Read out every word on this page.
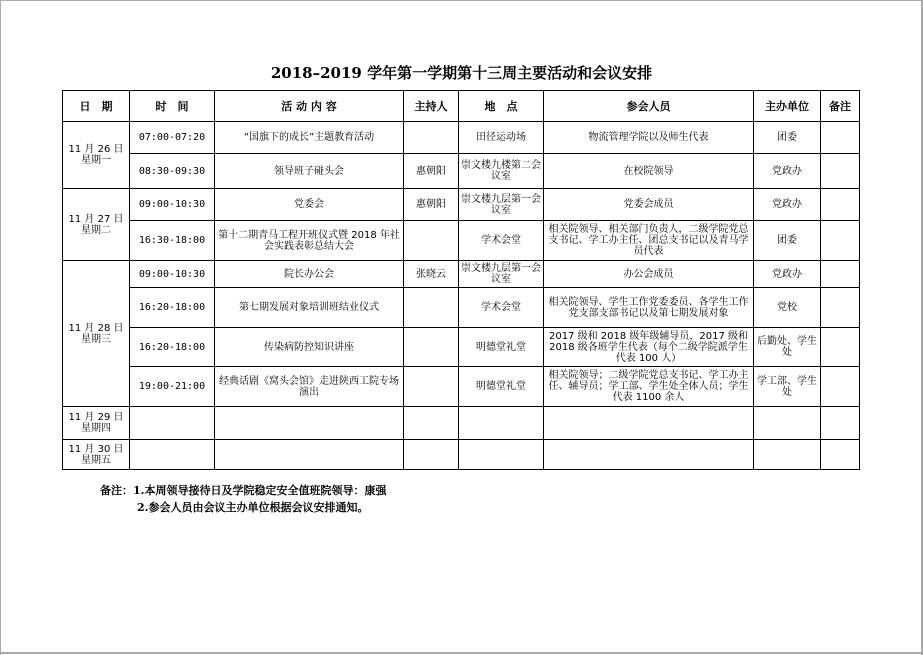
2018–2019 学年第一学期第十三周主要活动和会议安排
日　期	时　间	活 动 内 容	主持人	地　点	参会人员	主办单位	备注

11 月 26 日
星期一	07:00-07:20	“国旗下的成长”主题教育活动		田径运动场	物流管理学院以及师生代表	团委	
	08:30-09:30	领导班子碰头会	惠朝阳	崇文楼九楼第二会议室	在校院领导	党政办	

11 月 27 日
星期二	09:00-10:30	党委会	惠朝阳	崇文楼九层第一会议室	党委会成员	党政办	
	16:30-18:00	第十二期青马工程开班仪式暨 2018 年社会实践表彰总结大会		学术会堂	相关院领导、相关部门负责人，二级学院党总支书记、学工办主任、团总支书记以及青马学员代表	团委	

11 月 28 日
星期三	09:00-10:30	院长办公会	张晓云	崇文楼九层第一会议室	办公会成员	党政办	
	16:20-18:00	第七期发展对象培训班结业仪式		学术会堂	相关院领导、学生工作党委委员、各学生工作党支部支部书记以及第七期发展对象	党校	
	16:20-18:00	传染病防控知识讲座		明德堂礼堂	2017 级和 2018 级年级辅导员，2017 级和 2018 级各班学生代表（每个二级学院派学生代表 100 人）	后勤处、学生处	
	19:00-21:00	经典话剧《窝头会馆》走进陕西工院专场演出		明德堂礼堂	相关院领导；二级学院党总支书记、学工办主任、辅导员；学工部、学生处全体人员；学生代表 1100 余人	学工部、学生处	

11 月 29 日
星期四							

11 月 30 日
星期五							

备注：1.本周领导接待日及学院稳定安全值班院领导：康强
2.参会人员由会议主办单位根据会议安排通知。
